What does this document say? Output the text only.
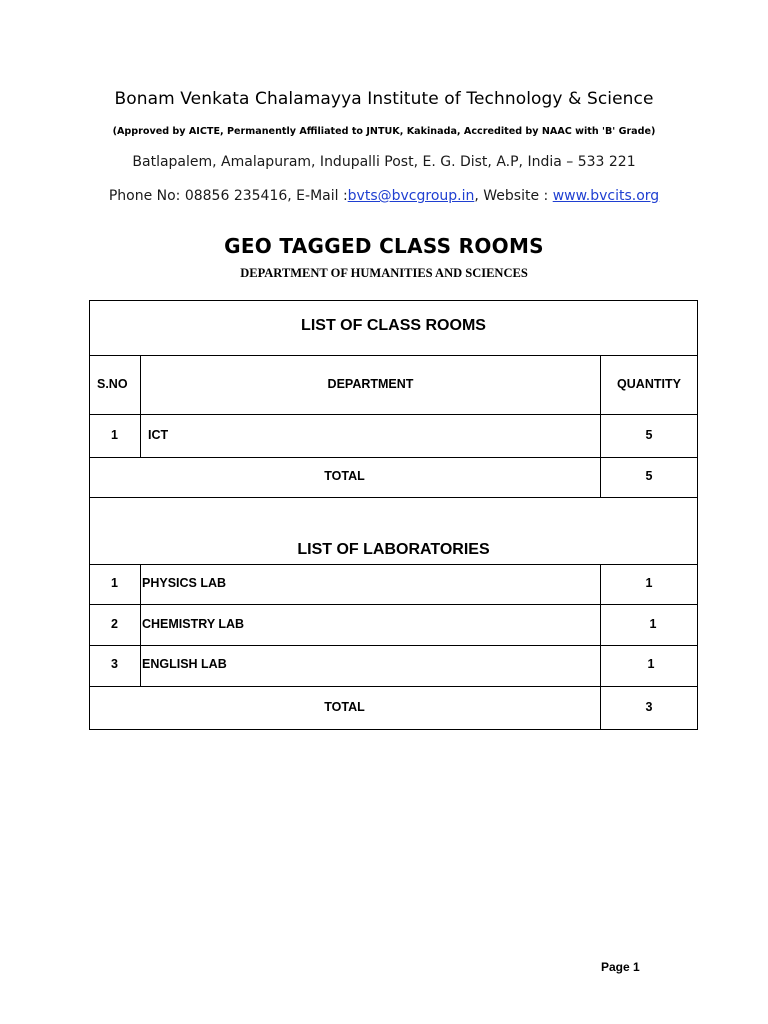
Bonam Venkata Chalamayya Institute of Technology & Science
(Approved by AICTE, Permanently Affiliated to JNTUK, Kakinada, Accredited by NAAC with 'B' Grade)
Batlapalem, Amalapuram, Indupalli Post, E. G. Dist, A.P, India – 533 221
Phone No: 08856 235416, E-Mail :bvts@bvcgroup.in, Website : www.bvcits.org
GEO TAGGED CLASS ROOMS
DEPARTMENT OF HUMANITIES AND SCIENCES
LIST OF CLASS ROOMS
S.NO	DEPARTMENT	QUANTITY
1 ICT	5
TOTAL	5
LIST OF LABORATORIES
1 PHYSICS LAB	1
2 CHEMISTRY LAB	1
3 ENGLISH LAB	1
TOTAL	3
Page 1
